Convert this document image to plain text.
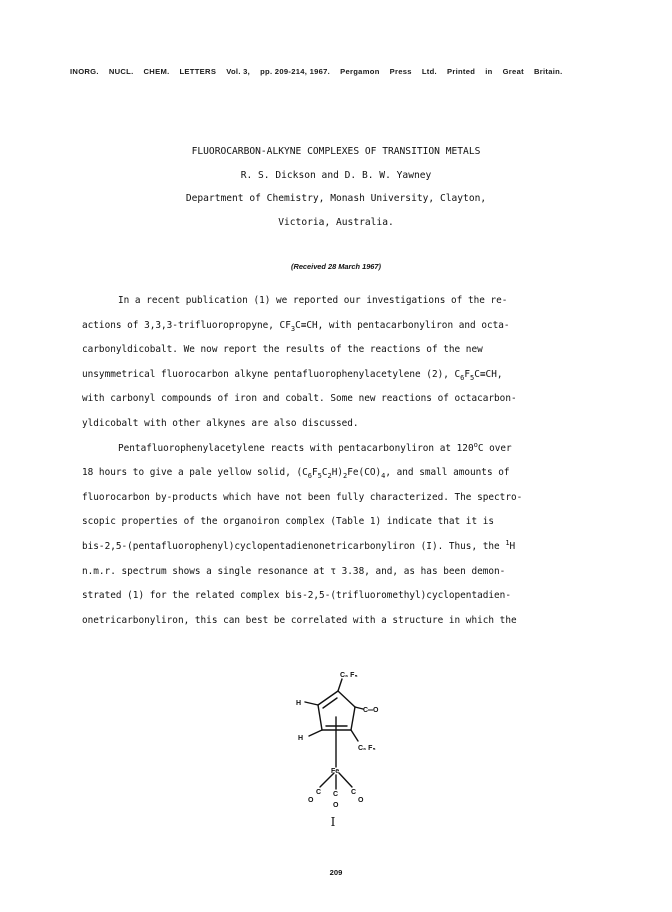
INORG. NUCL. CHEM. LETTERS Vol. 3, pp. 209-214, 1967. Pergamon Press Ltd. Printed in Great Britain.
FLUOROCARBON-ALKYNE COMPLEXES OF TRANSITION METALS
R. S. Dickson and D. B. W. Yawney
Department of Chemistry, Monash University, Clayton,
Victoria, Australia.
(Received 28 March 1967)
In a recent publication (1) we reported our investigations of the re-
actions of 3,3,3-trifluoropropyne, $CF_3C\equiv CH$, with pentacarbonyliron and octa-
carbonyldicobalt. We now report the results of the reactions of the new
unsymmetrical fluorocarbon alkyne pentafluorophenylacetylene (2), $C_6F_5C\equiv CH$,
with carbonyl compounds of iron and cobalt. Some new reactions of octacarbon-
yldicobalt with other alkynes are also discussed.
Pentafluorophenylacetylene reacts with pentacarbonyliron at 120$^o$C over
18 hours to give a pale yellow solid, $(C_6F_5C_2H)_2Fe(CO)_4$, and small amounts of
fluorocarbon by-products which have not been fully characterized. The spectro-
scopic properties of the organoiron complex (Table 1) indicate that it is
bis-2,5-(pentafluorophenyl)cyclopentadienonetricarbonyliron (I). Thus, the $^1$H
n.m.r. spectrum shows a single resonance at τ 3.38, and, as has been demon-
strated (1) for the related complex bis-2,5-(trifluoromethyl)cyclopentadien-
onetricarbonyliron, this can best be correlated with a structure in which the
C₆ F₅
H
C═O
H
C₆ F₅
Fe
C C C
O
O
O
I
209
